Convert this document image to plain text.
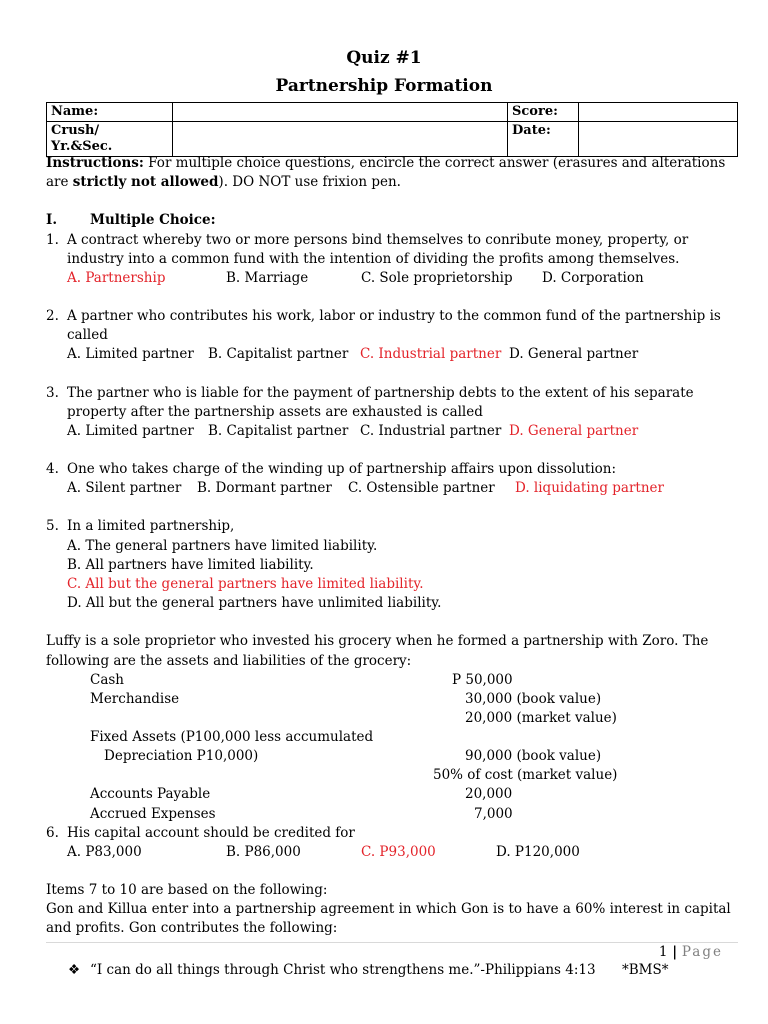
Quiz #1
Partnership Formation
Name:		Score:	
Crush/
Yr.&Sec.		Date:	
Instructions: For multiple choice questions, encircle the correct answer (erasures and alterations
are strictly not allowed). DO NOT use frixion pen.
I. Multiple Choice:
1. A contract whereby two or more persons bind themselves to conribute money, property, or
industry into a common fund with the intention of dividing the profits among themselves.
A. Partnership	B. Marriage	C. Sole proprietorship D. Corporation
2. A partner who contributes his work, labor or industry to the common fund of the partnership is
called
A. Limited partner B. Capitalist partner C. Industrial partner D. General partner
3. The partner who is liable for the payment of partnership debts to the extent of his separate
property after the partnership assets are exhausted is called
A. Limited partner B. Capitalist partner C. Industrial partner D. General partner
4. One who takes charge of the winding up of partnership affairs upon dissolution:
A. Silent partner B. Dormant partner C. Ostensible partner D. liquidating partner
5. In a limited partnership,
A. The general partners have limited liability.
B. All partners have limited liability.
C. All but the general partners have limited liability.
D. All but the general partners have unlimited liability.
Luffy is a sole proprietor who invested his grocery when he formed a partnership with Zoro. The
following are the assets and liabilities of the grocery:
Cash	P 50,000
Merchandise	30,000 (book value)
20,000 (market value)
Fixed Assets (P100,000 less accumulated
Depreciation P10,000)	90,000 (book value)
50% of cost (market value)
Accounts Payable	20,000
Accrued Expenses	7,000
6. His capital account should be credited for
A. P83,000	B. P86,000	C. P93,000	D. P120,000
Items 7 to 10 are based on the following:
Gon and Killua enter into a partnership agreement in which Gon is to have a 60% interest in capital
and profits. Gon contributes the following:
1 | Page
❖ “I can do all things through Christ who strengthens me.”-Philippians 4:13 *BMS*
